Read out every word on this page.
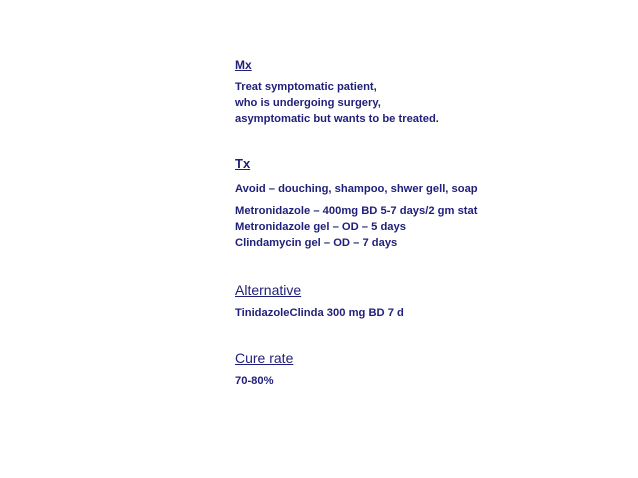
Mx

Treat symptomatic patient,

who is undergoing surgery,

asymptomatic but wants to be treated.

Tx

Avoid – douching, shampoo, shwer gell, soap

Metronidazole – 400mg BD 5-7 days/2 gm stat

Metronidazole gel – OD – 5 days

Clindamycin gel – OD – 7 days

Alternative

TinidazoleClinda 300 mg BD 7 d

Cure rate

70-80%
